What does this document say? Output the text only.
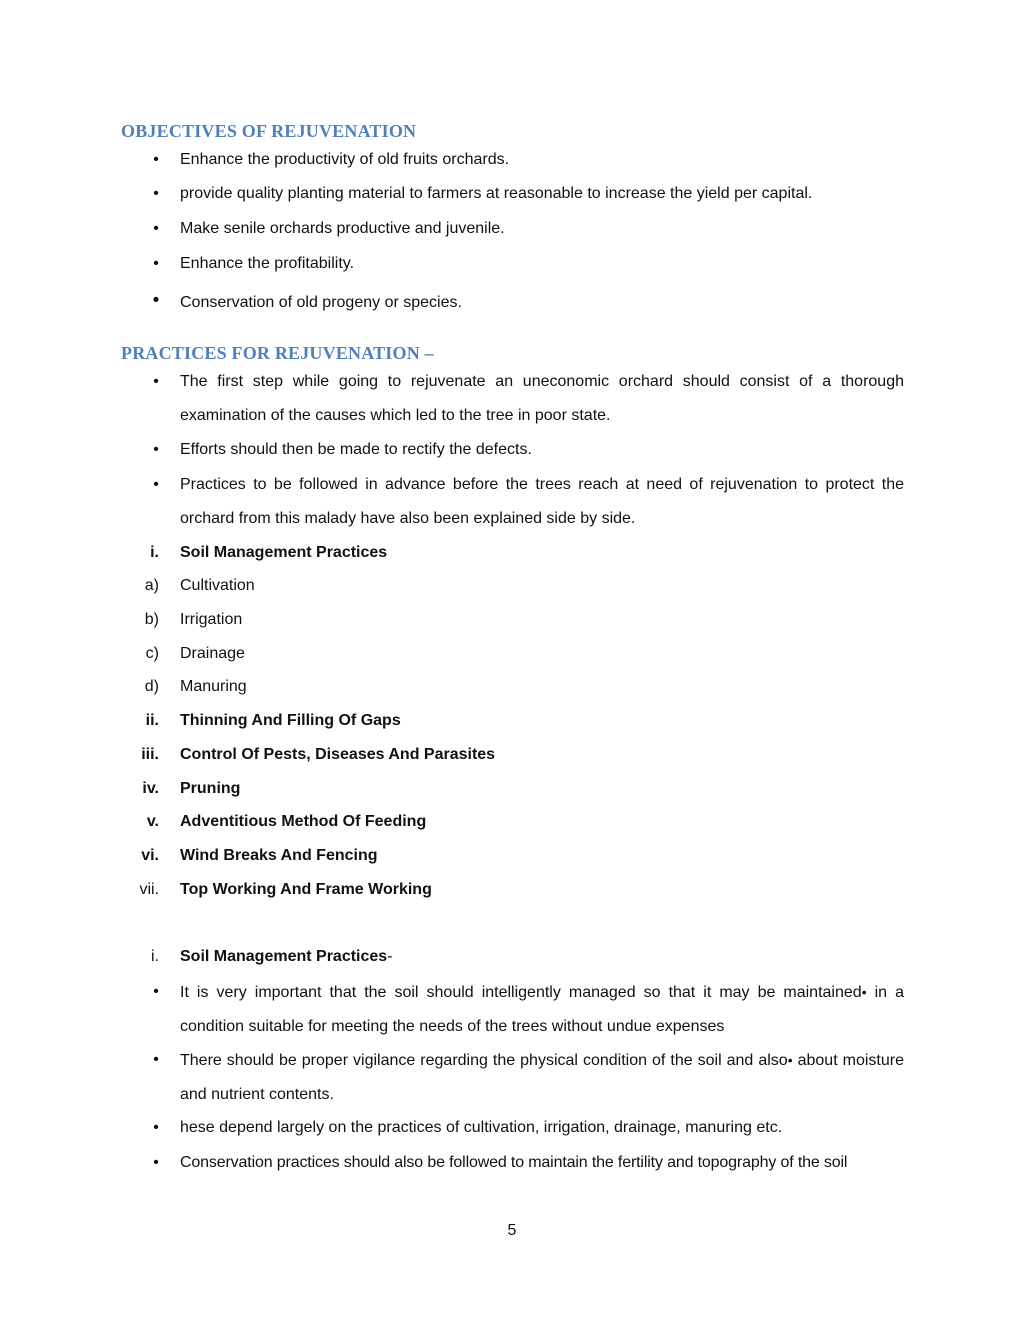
OBJECTIVES OF REJUVENATION
• Enhance the productivity of old fruits orchards.

• provide quality planting material to farmers at reasonable to increase the yield per capital.

• Make senile orchards productive and juvenile.

• Enhance the profitability.

• Conservation of old progeny or species.

PRACTICES FOR REJUVENATION –
• The first step while going to rejuvenate an uneconomic orchard should consist of a thorough examination of the causes which led to the tree in poor state.

• Efforts should then be made to rectify the defects.

• Practices to be followed in advance before the trees reach at need of rejuvenation to protect the orchard from this malady have also been explained side by side.

i. Soil Management Practices

a) Cultivation

b) Irrigation

c) Drainage

d) Manuring

ii. Thinning And Filling Of Gaps

iii. Control Of Pests, Diseases And Parasites

iv. Pruning

v. Adventitious Method Of Feeding

vi. Wind Breaks And Fencing

vii. Top Working And Frame Working

i. Soil Management Practices-

• It is very important that the soil should intelligently managed so that it may be maintained• in a condition suitable for meeting the needs of the trees without undue expenses

• There should be proper vigilance regarding the physical condition of the soil and also• about moisture and nutrient contents.

• hese depend largely on the practices of cultivation, irrigation, drainage, manuring etc.

• Conservation practices should also be followed to maintain the fertility and topography of the soil

5
